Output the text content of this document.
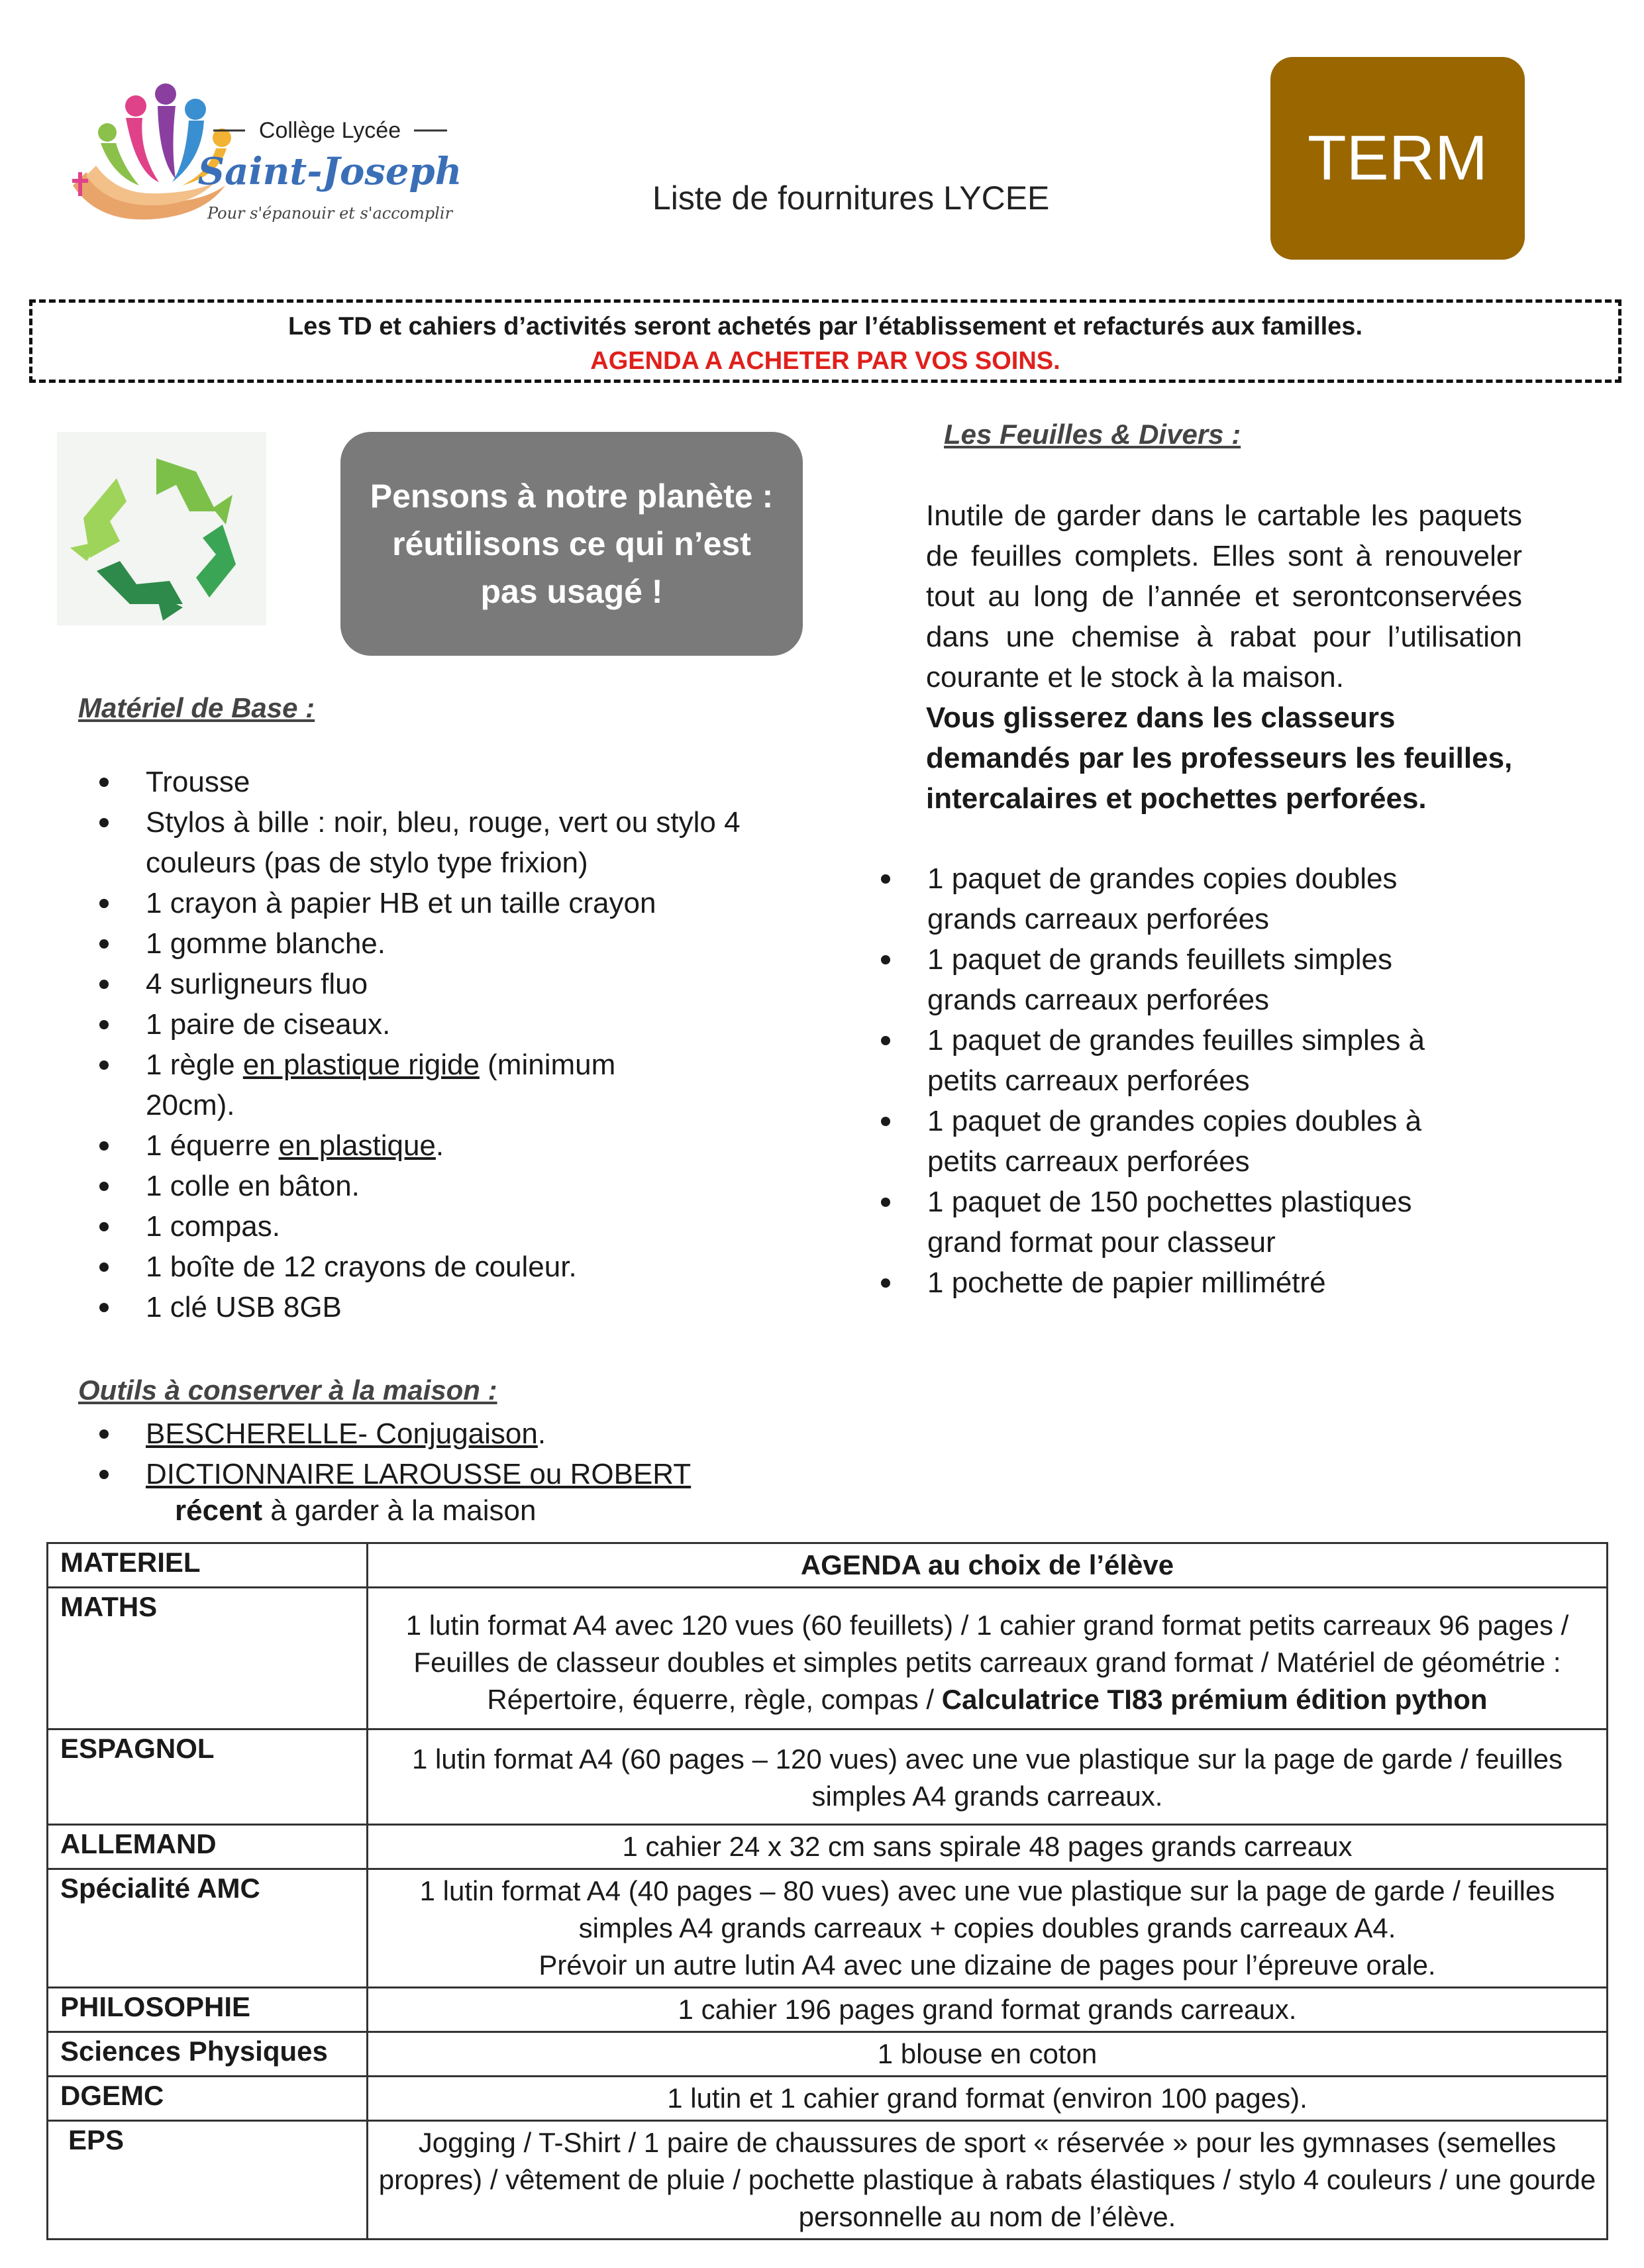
Collège Lycée
Saint-Joseph
Pour s'épanouir et s'accomplir	Liste de fournitures LYCEE
TERM
Les TD et cahiers d’activités seront achetés par l’établissement et refacturés aux familles.
AGENDA A ACHETER PAR VOS SOINS.
Pensons à notre planète : réutilisons ce qui n’est pas usagé !
Matériel de Base :
Trousse
Stylos à bille : noir, bleu, rouge, vert ou stylo 4 couleurs (pas de stylo type frixion)
1 crayon à papier HB et un taille crayon
1 gomme blanche.
4 surligneurs fluo
1 paire de ciseaux.
1 règle en plastique rigide (minimum 20cm).
1 équerre en plastique.
1 colle en bâton.
1 compas.
1 boîte de 12 crayons de couleur.
1 clé USB 8GB
Outils à conserver à la maison :
BESCHERELLE- Conjugaison.
DICTIONNAIRE LAROUSSE ou ROBERT
récent à garder à la maison
Les Feuilles & Divers :
Inutile de garder dans le cartable les paquets de feuilles complets. Elles sont à renouveler tout au long de l’année et serontconservées dans une chemise à rabat pour l’utilisation courante et le stock à la maison.
Vous glisserez dans les classeurs demandés par les professeurs les feuilles, intercalaires et pochettes perforées.
1 paquet de grandes copies doubles grands carreaux perforées
1 paquet de grands feuillets simples grands carreaux perforées
1 paquet de grandes feuilles simples à petits carreaux perforées
1 paquet de grandes copies doubles à petits carreaux perforées
1 paquet de 150 pochettes plastiques grand format pour classeur
1 pochette de papier millimétré
MATERIEL	AGENDA au choix de l’élève
MATHS	1 lutin format A4 avec 120 vues (60 feuillets) / 1 cahier grand format petits carreaux 96 pages / Feuilles de classeur doubles et simples petits carreaux grand format / Matériel de géométrie : Répertoire, équerre, règle, compas / Calculatrice TI83 prémium édition python
ESPAGNOL	1 lutin format A4 (60 pages – 120 vues) avec une vue plastique sur la page de garde / feuilles simples A4 grands carreaux.
ALLEMAND	1 cahier 24 x 32 cm sans spirale 48 pages grands carreaux
Spécialité AMC	1 lutin format A4 (40 pages – 80 vues) avec une vue plastique sur la page de garde / feuilles simples A4 grands carreaux + copies doubles grands carreaux A4.
Prévoir un autre lutin A4 avec une dizaine de pages pour l’épreuve orale.

PHILOSOPHIE	1 cahier 196 pages grand format grands carreaux.
Sciences Physiques	1 blouse en coton
DGEMC	1 lutin et 1 cahier grand format (environ 100 pages).
EPS	Jogging / T-Shirt / 1 paire de chaussures de sport « réservée » pour les gymnases (semelles propres) / vêtement de pluie / pochette plastique à rabats élastiques / stylo 4 couleurs / une gourde personnelle au nom de l’élève.
